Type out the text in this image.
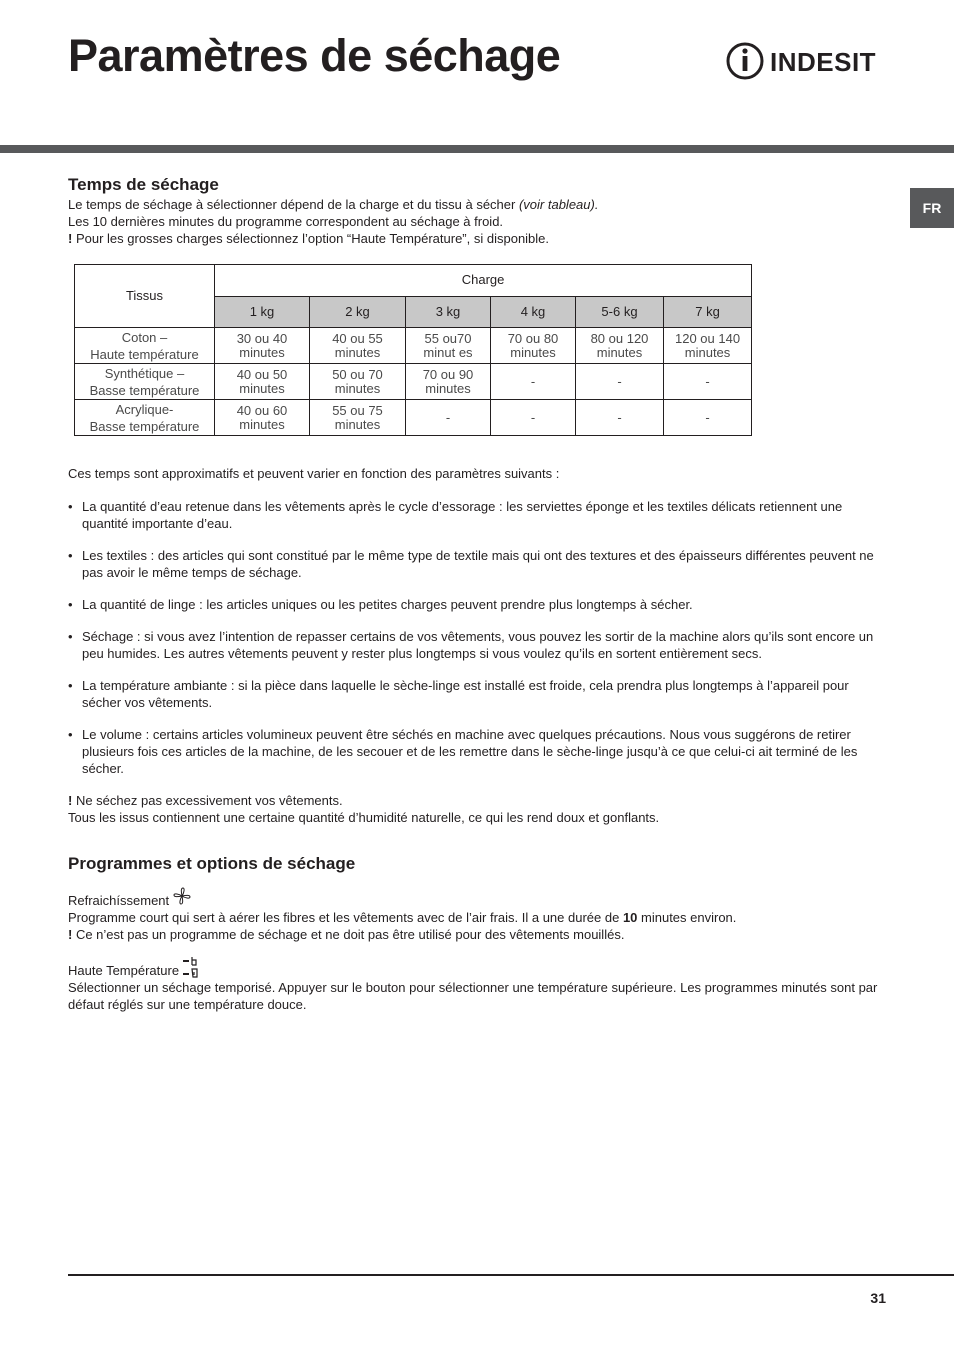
Paramètres de séchage	INDESIT
FR
Temps de séchage

Le temps de séchage à sélectionner dépend de la charge et du tissu à sécher (voir tableau).

Les 10 dernières minutes du programme correspondent au séchage à froid.

! Pour les grosses charges sélectionnez l’option “Haute Température”, si disponible.

Tissus	Charge					
	1 kg	2 kg	3 kg	4 kg	5-6 kg	7 kg
Coton –
Haute température	30 ou 40 minutes	40 ou 55 minutes	55 ou70 minut es	70 ou 80 minutes	80 ou 120 minutes	120 ou 140 minutes
Synthétique –
Basse température	40 ou 50 minutes	50 ou 70 minutes	70 ou 90 minutes	-	-	-
Acrylique-
Basse température	40 ou 60 minutes	55 ou 75 minutes	-	-	-	-

Ces temps sont approximatifs et peuvent varier en fonction des paramètres suivants :

• La quantité d’eau retenue dans les vêtements après le cycle d’essorage : les serviettes éponge et les textiles délicats retiennent une quantité importante d’eau.
• Les textiles : des articles qui sont constitué par le même type de textile mais qui ont des textures et des épaisseurs différentes peuvent ne pas avoir le même temps de séchage.
• La quantité de linge : les articles uniques ou les petites charges peuvent prendre plus longtemps à sécher.
• Séchage : si vous avez l’intention de repasser certains de vos vêtements, vous pouvez les sortir de la machine alors qu’ils sont encore un peu humides. Les autres vêtements peuvent y rester plus longtemps si vous voulez qu’ils en sortent entièrement secs.
• La température ambiante : si la pièce dans laquelle le sèche-linge est installé est froide, cela prendra plus longtemps à l’appareil pour sécher vos vêtements.
• Le volume : certains articles volumineux peuvent être séchés en machine avec quelques précautions. Nous vous suggérons de retirer plusieurs fois ces articles de la machine, de les secouer et de les remettre dans le sèche-linge jusqu’à ce que celui-ci ait terminé de les sécher.

! Ne séchez pas excessivement vos vêtements.

Tous les issus contiennent une certaine quantité d’humidité naturelle, ce qui les rend doux et gonflants.

Programmes et options de séchage
Refraichíssement

Programme court qui sert à aérer les fibres et les vêtements avec de l’air frais. Il a une durée de 10 minutes environ.

! Ce n’est pas un programme de séchage et ne doit pas être utilisé pour des vêtements mouillés.

Haute Température

Sélectionner un séchage temporisé. Appuyer sur le bouton pour sélectionner une température supérieure. Les programmes minutés sont par défaut réglés sur une température douce.

31
